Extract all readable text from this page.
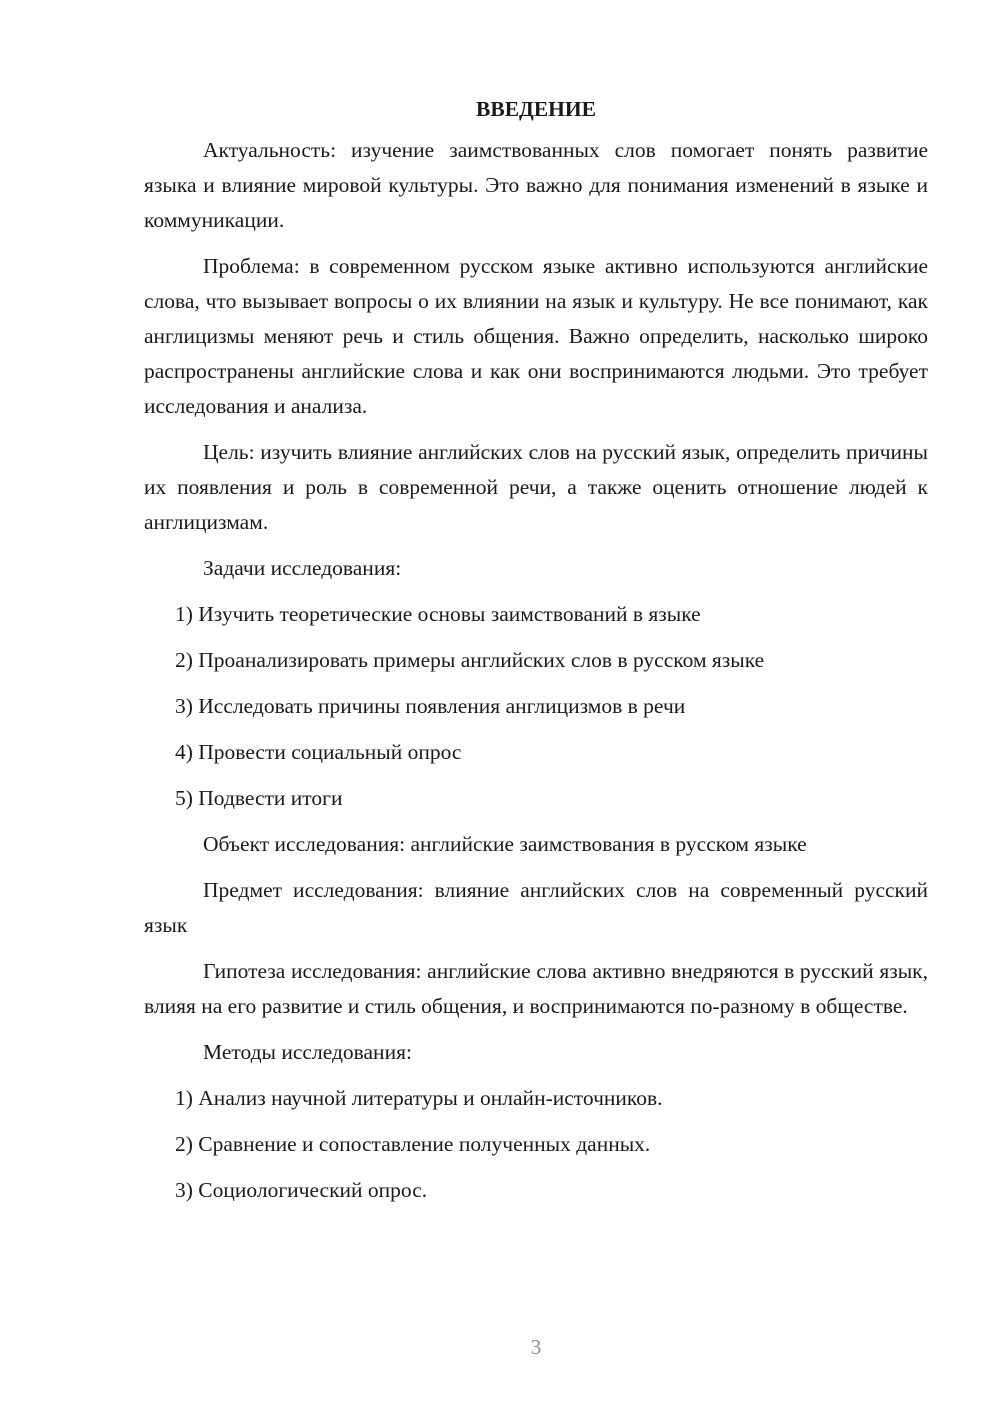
ВВЕДЕНИЕ
Актуальность: изучение заимствованных слов помогает понять развитие языка и влияние мировой культуры. Это важно для понимания изменений в языке и коммуникации.
Проблема: в современном русском языке активно используются английские слова, что вызывает вопросы о их влиянии на язык и культуру. Не все понимают, как англицизмы меняют речь и стиль общения. Важно определить, насколько широко распространены английские слова и как они воспринимаются людьми. Это требует исследования и анализа.
Цель: изучить влияние английских слов на русский язык, определить причины их появления и роль в современной речи, а также оценить отношение людей к англицизмам.
Задачи исследования:
1) Изучить теоретические основы заимствований в языке
2) Проанализировать примеры английских слов в русском языке
3) Исследовать причины появления англицизмов в речи
4) Провести социальный опрос
5) Подвести итоги
Объект исследования: английские заимствования в русском языке
Предмет исследования: влияние английских слов на современный русский язык
Гипотеза исследования: английские слова активно внедряются в русский язык, влияя на его развитие и стиль общения, и воспринимаются по-разному в обществе.
Методы исследования:
1) Анализ научной литературы и онлайн-источников.
2) Сравнение и сопоставление полученных данных.
3) Социологический опрос.
3
